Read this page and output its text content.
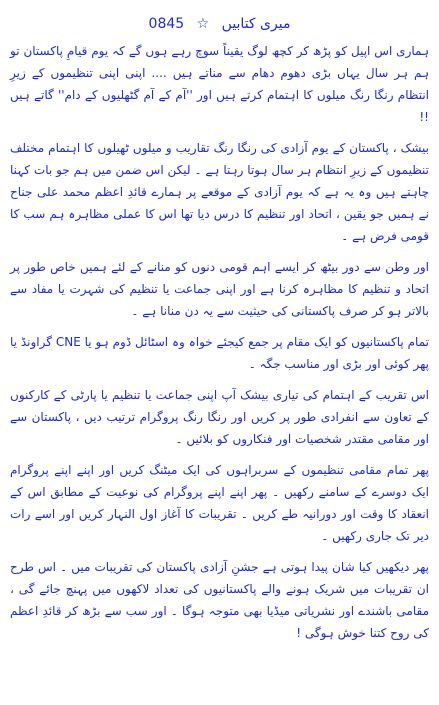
0845 ☆ میری کتابیں

ہماری اس اپیل کو پڑھ کر کچھ لوگ یقیناً سوچ رہے ہوں گے کہ یوم قیامِ پاکستان تو ہم ہر سال یہاں بڑی دھوم دھام سے مناتے ہیں .... اپنی اپنی تنظیموں کے زیرِ انتظام رنگا رنگ میلوں کا اہتمام کرتے ہیں اور ''آم کے آم گٹھلیوں کے دام'' گاتے ہیں !!

بیشک ، پاکستان کے یوم آزادی کی رنگا رنگ تقاریب و میلوں ٹھیلوں کا اہتمام مختلف تنظیموں کے زیرِ انتظام ہر سال ہوتا رہتا ہے ۔ لیکن اس ضمن میں ہم جو بات کہنا چاہتے ہیں وہ یہ ہے کہ یوم آزادی کے موقعے پر ہمارے قائدِ اعظم محمد علی جناح نے ہمیں جو یقین ، اتحاد اور تنظیم کا درس دیا تھا اس کا عملی مظاہرہ ہم سب کا قومی فرض ہے ۔

اور وطن سے دور بیٹھ کر ایسے اہم قومی دنوں کو منانے کے لئے ہمیں خاص طور پر اتحاد و تنظیم کا مظاہرہ کرنا ہے اور اپنی جماعت یا تنظیم کی شہرت یا مفاد سے بالاتر ہو کر صرف پاکستانی کی حیثیت سے یہ دن منانا ہے ۔

تمام پاکستانیوں کو ایک مقام پر جمع کیجئے خواہ وہ اسٹائل ڈوم ہو یا CNE گراونڈ یا پھر کوئی اور بڑی اور مناسب جگہ ۔

اس تقریب کے اہتمام کی تیاری بیشک آپ اپنی جماعت یا تنظیم یا پارٹی کے کارکنوں کے تعاون سے انفرادی طور پر کریں اور رنگا رنگ پروگرام ترتیب دیں ، پاکستان سے اور مقامی مقتدر شخصیات اور فنکاروں کو بلائیں ۔

پھر تمام مقامی تنظیموں کے سربراہوں کی ایک میٹنگ کریں اور اپنے اپنے پروگرام ایک دوسرے کے سامنے رکھیں ۔ پھر اپنے اپنے پروگرام کی نوعیت کے مطابق اس کے انعقاد کا وقت اور دورانیہ طے کریں ۔ تقریبات کا آغاز اول النہار کریں اور اسے رات دیر تک جاری رکھیں ۔

پھر دیکھیں کیا شان پیدا ہوتی ہے جشنِ آزادی پاکستان کی تقریبات میں ۔ اس طرح ان تقریبات میں شریک ہونے والے پاکستانیوں کی تعداد لاکھوں میں پہنچ جائے گی ، مقامی باشندے اور نشریاتی میڈیا بھی متوجہ ہوگا ۔ اور سب سے بڑھ کر قائدِ اعظم کی روح کتنا خوش ہوگی !
